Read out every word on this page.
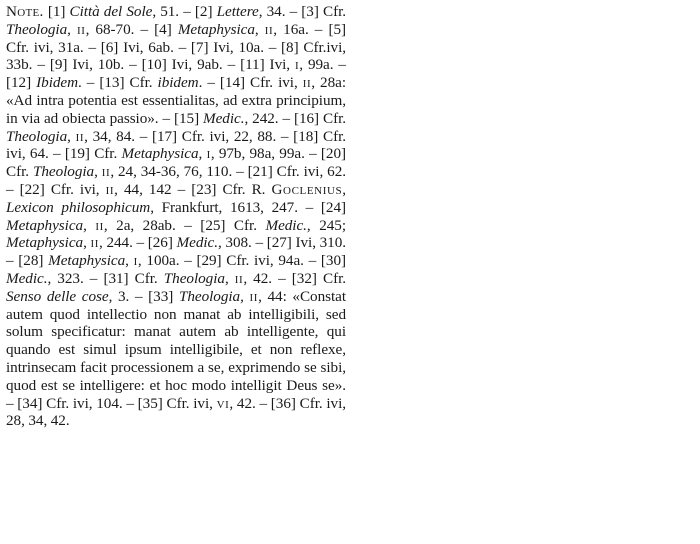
Note. [1] Città del Sole, 51. – [2] Lettere, 34. – [3] Cfr. Theologia, ii, 68-70. – [4] Metaphysica, ii, 16a. – [5] Cfr. ivi, 31a. – [6] Ivi, 6ab. – [7] Ivi, 10a. – [8] Cfr.ivi, 33b. – [9] Ivi, 10b. – [10] Ivi, 9ab. – [11] Ivi, i, 99a. – [12] Ibidem. – [13] Cfr. ibidem. – [14] Cfr. ivi, ii, 28a: «Ad intra potentia est essentialitas, ad extra principium, in via ad obiecta passio». – [15] Medic., 242. – [16] Cfr. Theologia, ii, 34, 84. – [17] Cfr. ivi, 22, 88. – [18] Cfr. ivi, 64. – [19] Cfr. Metaphysica, i, 97b, 98a, 99a. – [20] Cfr. Theologia, ii, 24, 34-36, 76, 110. – [21] Cfr. ivi, 62. – [22] Cfr. ivi, ii, 44, 142 – [23] Cfr. R. Goclenius, Lexicon philosophicum, Frankfurt, 1613, 247. – [24] Metaphysica, ii, 2a, 28ab. – [25] Cfr. Medic., 245; Metaphysica, ii, 244. – [26] Medic., 308. – [27] Ivi, 310. – [28] Metaphysica, i, 100a. – [29] Cfr. ivi, 94a. – [30] Medic., 323. – [31] Cfr. Theologia, ii, 42. – [32] Cfr. Senso delle cose, 3. – [33] Theologia, ii, 44: «Constat autem quod intellectio non manat ab intelligibili, sed solum specificatur: manat autem ab intelligente, qui quando est simul ipsum intelligibile, et non reflexe, intrinsecam facit processionem a se, exprimendo se sibi, quod est se intelligere: et hoc modo intelligit Deus se». – [34] Cfr. ivi, 104. – [35] Cfr. ivi, vi, 42. – [36] Cfr. ivi, 28, 34, 42.
